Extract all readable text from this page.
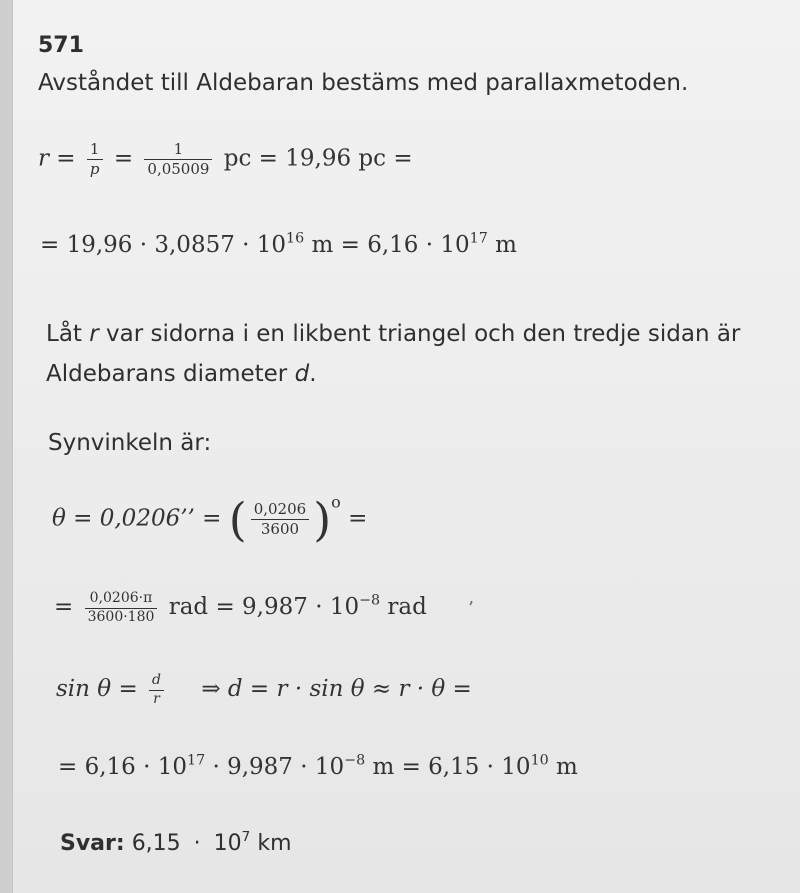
571
Avståndet till Aldebaran bestäms med parallaxmetoden.
$r = \frac{1}{p} = \frac{1}{0,05009}$ pc = 19,96 pc =
= $19,96 \cdot 3,0857 \cdot 10^{16}$ $m = 6,16 \cdot 10^{17}$ m
Låt r var sidorna i en likbent triangel och den tredje sidan är
Aldebarans diameter d.
Synvinkeln är:
θ = 0,0206’’ = ( $\frac{0,0206}{3600} )^o$ =
= $\frac{0,0206\cdot\pi}{3600\cdot 180}$ rad = $9,987 \cdot 10^{-8}$ rad ’
$\sin \theta = \frac{d}{r}$ ⇒ d = r · sin θ ≈ r · θ =
= $6,16 \cdot 10^{17} \cdot 9,987 \cdot 10^{-8}$ $m = 6,15 \cdot 10^{10}$ m
Svar: $6,15 \cdot 10^7$ km
